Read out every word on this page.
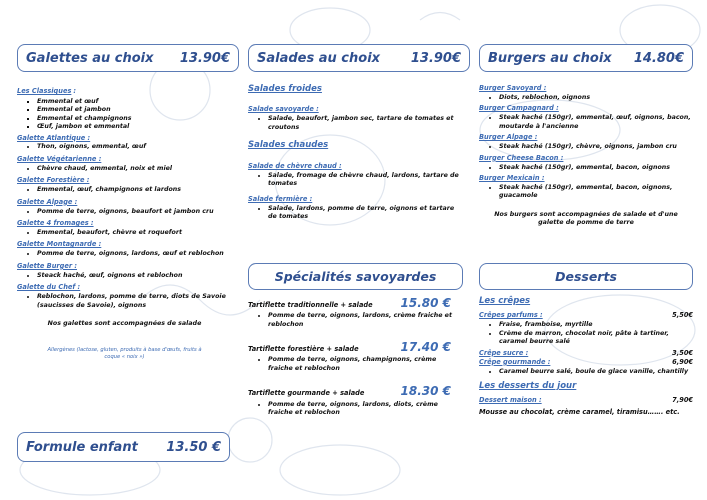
Galettes au choix 13.90€ Salades au choix 13.90€ Burgers au choix 14.80€
Spécialités savoyardes	Desserts
Formule enfant 13.50 €
Les Classiques :
▪ Emmental et œuf
▪ Emmental et jambon
▪ Emmental et champignons
▪ Œuf, jambon et emmental
Galette Atlantique :
• Thon, oignons, emmental, œuf
Galette Végétarienne :
• Chèvre chaud, emmental, noix et miel
Galette Forestière :
• Emmental, œuf, champignons et lardons
Galette Alpage :
• Pomme de terre, oignons, beaufort et jambon cru
Galette 4 fromages :
• Emmental, beaufort, chèvre et roquefort
Galette Montagnarde :
• Pomme de terre, oignons, lardons, œuf et reblochon
Galette Burger :
• Steack haché, œuf, oignons et reblochon
Galette du Chef :
• Reblochon, lardons, pomme de terre, diots de Savoie (saucisses de Savoie), oignons
Nos galettes sont accompagnées de salade
Allergènes (lactose, gluten, produits à base d'œufs, fruits à coque « noix »)
Salades froides
Salade savoyarde :
• Salade, beaufort, jambon sec, tartare de tomates et croutons
Salades chaudes
Salade de chèvre chaud :
• Salade, fromage de chèvre chaud, lardons, tartare de tomates
Salade fermière :
• Salade, lardons, pomme de terre, oignons et tartare de tomates
Tartiflette traditionnelle + salade 15.80 €
• Pomme de terre, oignons, lardons, crème fraiche et reblochon
Tartiflette forestière + salade	17.40 €
• Pomme de terre, oignons, champignons, crème fraiche et reblochon
Tartiflette gourmande + salade	18.30 €
• Pomme de terre, oignons, lardons, diots, crème fraiche et reblochon
Burger Savoyard :
• Diots, reblochon, oignons
Burger Campagnard :
• Steak haché (150gr), emmental, œuf, oignons, bacon, moutarde à l'ancienne
Burger Alpage :
• Steak haché (150gr), chèvre, oignons, jambon cru
Burger Cheese Bacon :
• Steak haché (150gr), emmental, bacon, oignons
Burger Mexicain :
• Steak haché (150gr), emmental, bacon, oignons, guacamole
Nos burgers sont accompagnées de salade et d'une galette de pomme de terre
Les crêpes
Crêpes parfums :	5,50€
• Fraise, framboise, myrtille
• Crème de marron, chocolat noir, pâte à tartiner, caramel beurre salé
Crêpe sucre :	3,50€
Crêpe gourmande :	6,90€
• Caramel beurre salé, boule de glace vanille, chantilly
Les desserts du jour
Dessert maison :	7,90€
Mousse au chocolat, crème caramel, tiramisu……. etc.
